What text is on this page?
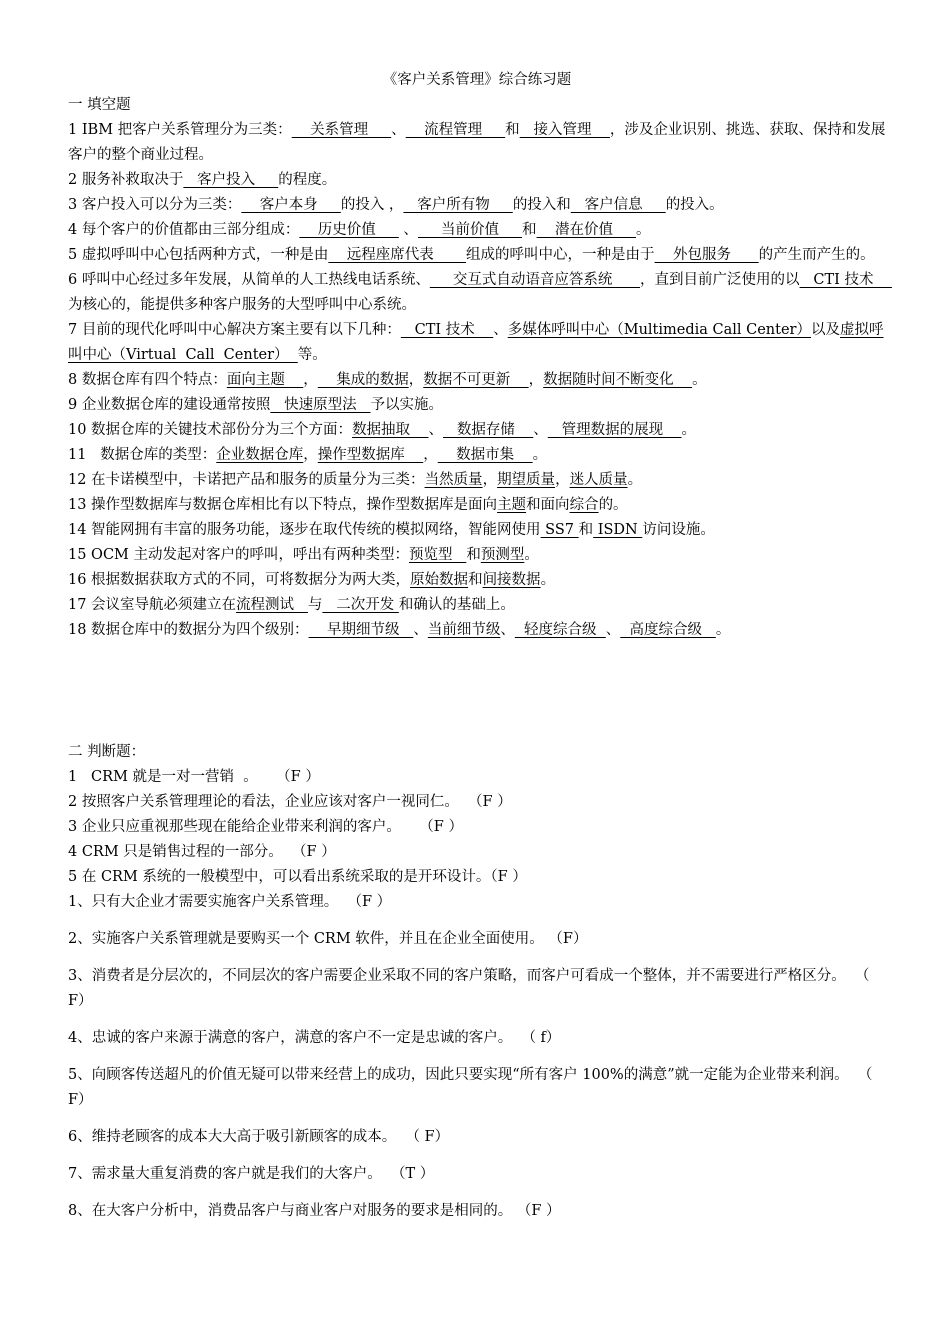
《客户关系管理》综合练习题
一 填空题
1 IBM 把客户关系管理分为三类：    关系管理     、    流程管理     和   接入管理    ，涉及企业识别、挑选、获取、保持和发展客户的整个商业过程。
2 服务补救取决于   客户投入     的程度。
3 客户投入可以分为三类：    客户本身     的投入 ，   客户所有物     的投入和   客户信息     的投入。
4 每个客户的价值都由三部分组成：    历史价值      、     当前价值     和    潜在价值     。
5 虚拟呼叫中心包括两种方式，一种是由    远程座席代表       组成的呼叫中心，一种是由于    外包服务      的产生而产生的。
6 呼叫中心经过多年发展，从简单的人工热线电话系统、     交互式自动语音应答系统      ，直到目前广泛使用的以   CTI 技术    为核心的，能提供多种客户服务的大型呼叫中心系统。
7 目前的现代化呼叫中心解决方案主要有以下几种：   CTI 技术    、多媒体呼叫中心（Multimedia Call Center）以及虚拟呼叫中心（Virtual  Call  Center）  等。
8 数据仓库有四个特点：面向主题    ，    集成的数据，数据不可更新    ，数据随时间不断变化    。
9 企业数据仓库的建设通常按照   快速原型法   予以实施。
10 数据仓库的关键技术部份分为三个方面：数据抽取    、   数据存储    、   管理数据的展现    。
11   数据仓库的类型：企业数据仓库，操作型数据库    ，    数据市集    。
12 在卡诺模型中，卡诺把产品和服务的质量分为三类：当然质量，期望质量，迷人质量。
13 操作型数据库与数据仓库相比有以下特点，操作型数据库是面向主题和面向综合的。
14 智能网拥有丰富的服务功能，逐步在取代传统的模拟网络，智能网使用 SS7 和 ISDN 访问设施。
15 OCM 主动发起对客户的呼叫，呼出有两种类型：预览型   和预测型。
16 根据数据获取方式的不同，可将数据分为两大类，原始数据和间接数据。
17 会议室导航必须建立在流程测试   与   二次开发 和确认的基础上。
18 数据仓库中的数据分为四个级别：    早期细节级   、当前细节级、  轻度综合级  、  高度综合级   。
二 判断题：
1   CRM 就是一对一营销  。    （F ）
2 按照客户关系管理理论的看法，企业应该对客户一视同仁。  （F ）
3 企业只应重视那些现在能给企业带来利润的客户。    （F ）
4 CRM 只是销售过程的一部分。  （F ）
5 在 CRM 系统的一般模型中，可以看出系统采取的是开环设计。（F ）
1、只有大企业才需要实施客户关系管理。  （F ）
2、实施客户关系管理就是要购买一个 CRM 软件，并且在企业全面使用。 （F）
3、消费者是分层次的，不同层次的客户需要企业采取不同的客户策略，而客户可看成一个整体，并不需要进行严格区分。  （ F）
4、忠诚的客户来源于满意的客户，满意的客户不一定是忠诚的客户。  （ f）
5、向顾客传送超凡的价值无疑可以带来经营上的成功，因此只要实现“所有客户 100%的满意”就一定能为企业带来利润。  （ F）
6、维持老顾客的成本大大高于吸引新顾客的成本。  （ F）
7、需求量大重复消费的客户就是我们的大客户。  （T ）
8、在大客户分析中，消费品客户与商业客户对服务的要求是相同的。 （F ）
